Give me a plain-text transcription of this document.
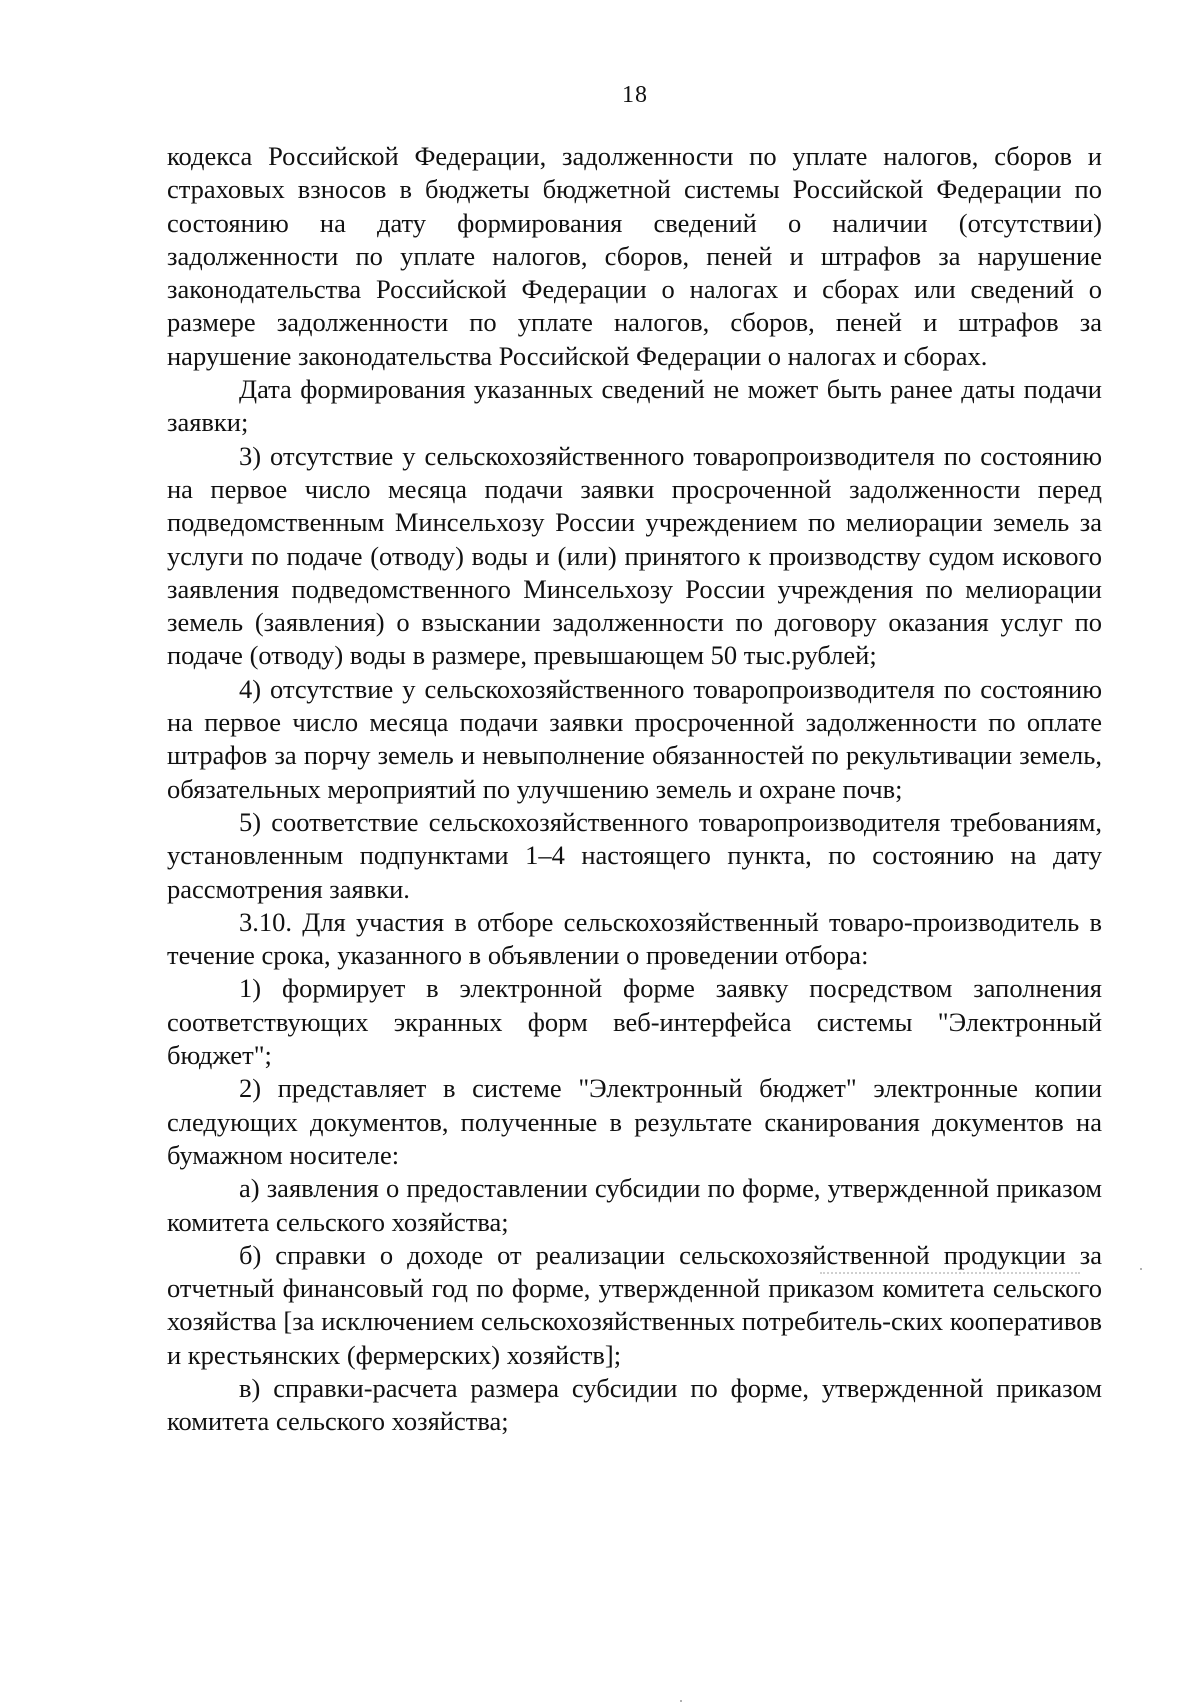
18

кодекса Российской Федерации, задолженности по уплате налогов, сборов и страховых взносов в бюджеты бюджетной системы Российской Федерации по состоянию на дату формирования сведений о наличии (отсутствии) задолженности по уплате налогов, сборов, пеней и штрафов за нарушение законодательства Российской Федерации о налогах и сборах или сведений о размере задолженности по уплате налогов, сборов, пеней и штрафов за нарушение законодательства Российской Федерации о налогах и сборах.

Дата формирования указанных сведений не может быть ранее даты подачи заявки;

3) отсутствие у сельскохозяйственного товаропроизводителя по состоянию на первое число месяца подачи заявки просроченной задолженности перед подведомственным Минсельхозу России учреждением по мелиорации земель за услуги по подаче (отводу) воды и (или) принятого к производству судом искового заявления подведомственного Минсельхозу России учреждения по мелиорации земель (заявления) о взыскании задолженности по договору оказания услуг по подаче (отводу) воды в размере, превышающем 50 тыс.рублей;

4) отсутствие у сельскохозяйственного товаропроизводителя по состоянию на первое число месяца подачи заявки просроченной задолженности по оплате штрафов за порчу земель и невыполнение обязанностей по рекультивации земель, обязательных мероприятий по улучшению земель и охране почв;

5) соответствие сельскохозяйственного товаропроизводителя требованиям, установленным подпунктами 1–4 настоящего пункта, по состоянию на дату рассмотрения заявки.

3.10. Для участия в отборе сельскохозяйственный товаро-производитель в течение срока, указанного в объявлении о проведении отбора:

1) формирует в электронной форме заявку посредством заполнения соответствующих экранных форм веб-интерфейса системы "Электронный бюджет";

2) представляет в системе "Электронный бюджет" электронные копии следующих документов, полученные в результате сканирования документов на бумажном носителе:

а) заявления о предоставлении субсидии по форме, утвержденной приказом комитета сельского хозяйства;

б) справки о доходе от реализации сельскохозяйственной продукции за отчетный финансовый год по форме, утвержденной приказом комитета сельского хозяйства [за исключением сельскохозяйственных потребитель-ских кооперативов и крестьянских (фермерских) хозяйств];

в) справки-расчета размера субсидии по форме, утвержденной приказом комитета сельского хозяйства;
